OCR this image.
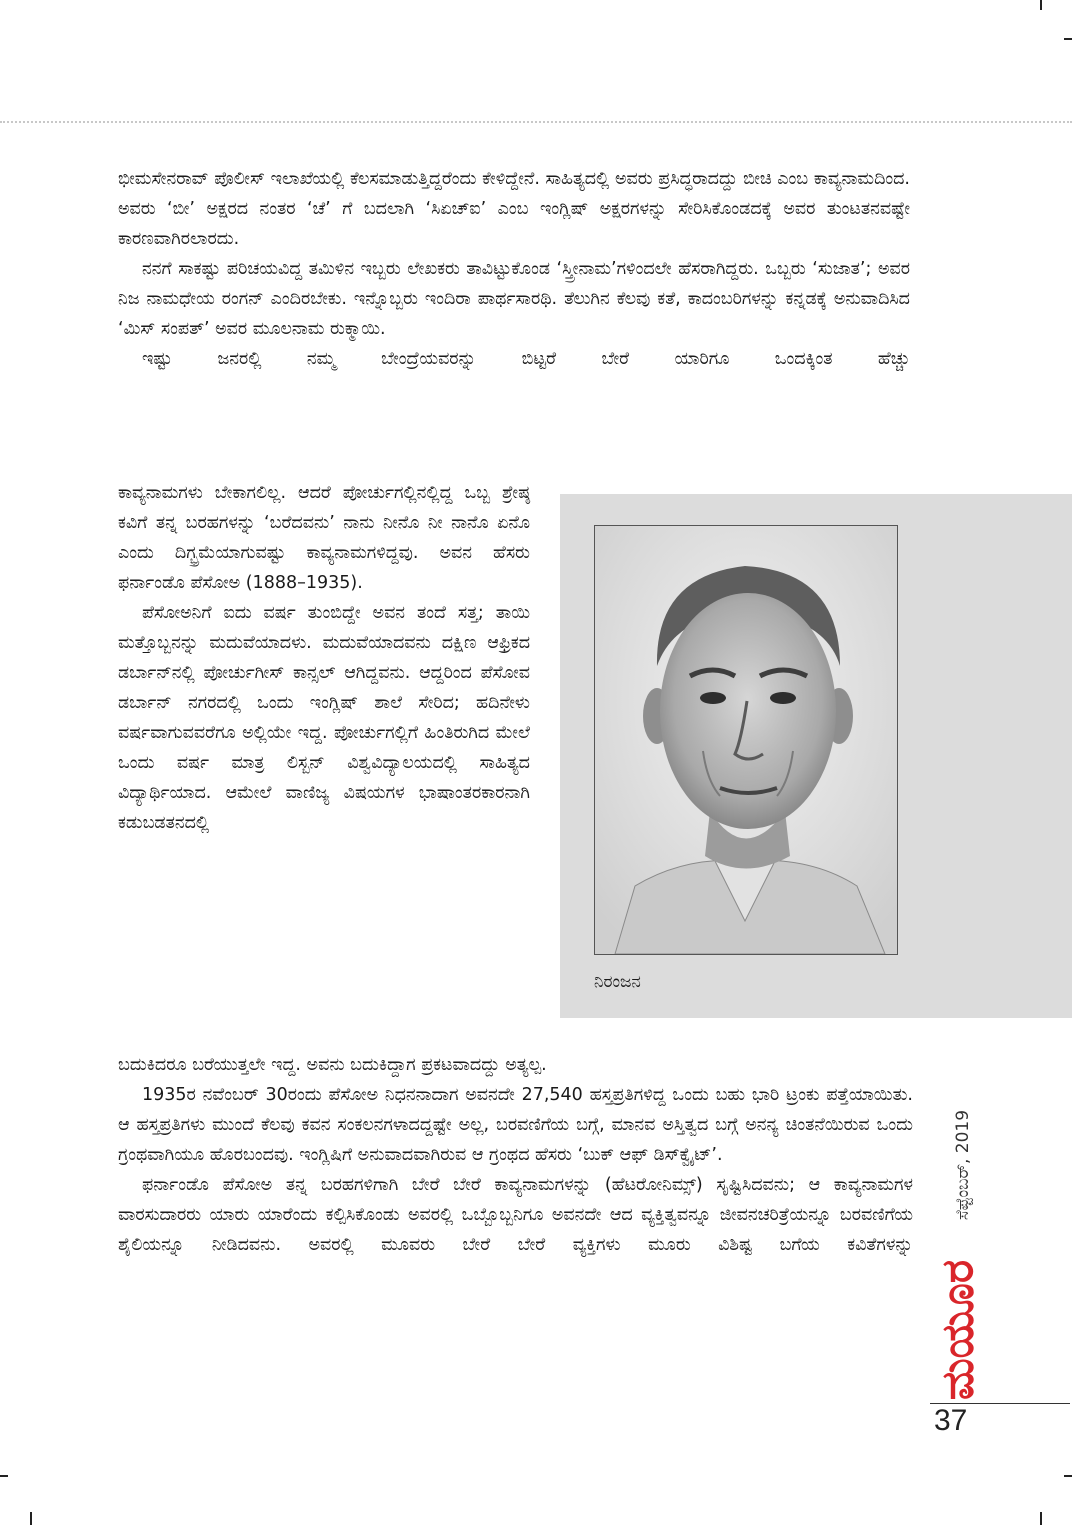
ಭೀಮಸೇನರಾವ್ ಪೊಲೀಸ್ ಇಲಾಖೆಯಲ್ಲಿ ಕೆಲಸಮಾಡುತ್ತಿದ್ದರೆಂದು ಕೇಳಿದ್ದೇನೆ. ಸಾಹಿತ್ಯದಲ್ಲಿ ಅವರು ಪ್ರಸಿದ್ಧರಾದದ್ದು ಬೀಚಿ ಎಂಬ ಕಾವ್ಯನಾಮದಿಂದ. ಅವರು ‘ಬೀ’ ಅಕ್ಷರದ ನಂತರ ‘ಚೆ’ ಗೆ ಬದಲಾಗಿ ‘ಸಿಏಚ್ಐ’ ಎಂಬ ಇಂಗ್ಲಿಷ್ ಅಕ್ಷರಗಳನ್ನು ಸೇರಿಸಿಕೊಂಡದಕ್ಕೆ ಅವರ ತುಂಟತನವಷ್ಟೇ ಕಾರಣವಾಗಿರಲಾರದು.

ನನಗೆ ಸಾಕಷ್ಟು ಪರಿಚಯವಿದ್ದ ತಮಿಳಿನ ಇಬ್ಬರು ಲೇಖಕರು ತಾವಿಟ್ಟುಕೊಂಡ ‘ಸ್ತ್ರೀನಾಮ’ಗಳಿಂದಲೇ ಹೆಸರಾಗಿದ್ದರು. ಒಬ್ಬರು ‘ಸುಜಾತ’; ಅವರ ನಿಜ ನಾಮಧೇಯ ರಂಗನ್ ಎಂದಿರಬೇಕು. ಇನ್ನೊಬ್ಬರು ಇಂದಿರಾ ಪಾರ್ಥಸಾರಥಿ. ತೆಲುಗಿನ ಕೆಲವು ಕತೆ, ಕಾದಂಬರಿಗಳನ್ನು ಕನ್ನಡಕ್ಕೆ ಅನುವಾದಿಸಿದ ‘ಮಿಸ್ ಸಂಪತ್’ ಅವರ ಮೂಲನಾಮ ರುಕ್ಮಾಯಿ.

ಇಷ್ಟು ಜನರಲ್ಲಿ ನಮ್ಮ ಬೇಂದ್ರೆಯವರನ್ನು ಬಿಟ್ಟರೆ ಬೇರೆ ಯಾರಿಗೂ ಒಂದಕ್ಕಿಂತ ಹೆಚ್ಚು

ನಿರಂಜನ

ಕಾವ್ಯನಾಮಗಳು ಬೇಕಾಗಲಿಲ್ಲ. ಆದರೆ ಪೋರ್ಚುಗಲ್ಲಿನಲ್ಲಿದ್ದ ಒಬ್ಬ ಶ್ರೇಷ್ಠ ಕವಿಗೆ ತನ್ನ ಬರಹಗಳನ್ನು ‘ಬರೆದವನು’ ನಾನು ನೀನೊ ನೀ ನಾನೊ ಏನೊ ಎಂದು ದಿಗ್ಭ್ರಮೆಯಾಗುವಷ್ಟು ಕಾವ್ಯನಾಮಗಳಿದ್ದವು. ಅವನ ಹೆಸರು ಫರ್ನಾಂಡೊ ಪೆಸೋಅ (1888–1935).

ಪೆಸೋಅನಿಗೆ ಐದು ವರ್ಷ ತುಂಬಿದ್ದೇ ಅವನ ತಂದೆ ಸತ್ತ; ತಾಯಿ ಮತ್ತೊಬ್ಬನನ್ನು ಮದುವೆಯಾದಳು. ಮದುವೆಯಾದವನು ದಕ್ಷಿಣ ಆಫ್ರಿಕದ ಡರ್ಬಾನ್‌ನಲ್ಲಿ ಪೋರ್ಚುಗೀಸ್ ಕಾನ್ಸಲ್ ಆಗಿದ್ದವನು. ಆದ್ದರಿಂದ ಪೆಸೋವ ಡರ್ಬಾನ್ ನಗರದಲ್ಲಿ ಒಂದು ಇಂಗ್ಲಿಷ್ ಶಾಲೆ ಸೇರಿದ; ಹದಿನೇಳು ವರ್ಷವಾಗುವವರೆಗೂ ಅಲ್ಲಿಯೇ ಇದ್ದ. ಪೋರ್ಚುಗಲ್ಲಿಗೆ ಹಿಂತಿರುಗಿದ ಮೇಲೆ ಒಂದು ವರ್ಷ ಮಾತ್ರ ಲಿಸ್ಬನ್ ವಿಶ್ವವಿದ್ಯಾಲಯದಲ್ಲಿ ಸಾಹಿತ್ಯದ ವಿದ್ಯಾರ್ಥಿಯಾದ. ಆಮೇಲೆ ವಾಣಿಜ್ಯ ವಿಷಯಗಳ ಭಾಷಾಂತರಕಾರನಾಗಿ ಕಡುಬಡತನದಲ್ಲಿ

ಬದುಕಿದರೂ ಬರೆಯುತ್ತಲೇ ಇದ್ದ. ಅವನು ಬದುಕಿದ್ದಾಗ ಪ್ರಕಟವಾದದ್ದು ಅತ್ಯಲ್ಪ.

1935ರ ನವೆಂಬರ್ 30ರಂದು ಪೆಸೋಅ ನಿಧನನಾದಾಗ ಅವನದೇ 27,540 ಹಸ್ತಪ್ರತಿಗಳಿದ್ದ ಒಂದು ಬಹು ಭಾರಿ ಟ್ರಂಕು ಪತ್ತೆಯಾಯಿತು. ಆ ಹಸ್ತಪ್ರತಿಗಳು ಮುಂದೆ ಕೆಲವು ಕವನ ಸಂಕಲನಗಳಾದದ್ದಷ್ಟೇ ಅಲ್ಲ, ಬರವಣಿಗೆಯ ಬಗ್ಗೆ, ಮಾನವ ಅಸ್ತಿತ್ವದ ಬಗ್ಗೆ ಅನನ್ಯ ಚಿಂತನೆಯಿರುವ ಒಂದು ಗ್ರಂಥವಾಗಿಯೂ ಹೊರಬಂದವು. ಇಂಗ್ಲಿಷಿಗೆ ಅನುವಾದವಾಗಿರುವ ಆ ಗ್ರಂಥದ ಹೆಸರು ‘ಬುಕ್ ಆಫ್ ಡಿಸ್‌ಕ್ವೈಟ್’.

ಫರ್ನಾಂಡೊ ಪೆಸೋಅ ತನ್ನ ಬರಹಗಳಿಗಾಗಿ ಬೇರೆ ಬೇರೆ ಕಾವ್ಯನಾಮಗಳನ್ನು (ಹೆಟರೋನಿಮ್ಸ್) ಸೃಷ್ಟಿಸಿದವನು; ಆ ಕಾವ್ಯನಾಮಗಳ ವಾರಸುದಾರರು ಯಾರು ಯಾರೆಂದು ಕಲ್ಪಿಸಿಕೊಂಡು ಅವರಲ್ಲಿ ಒಬ್ಬೊಬ್ಬನಿಗೂ ಅವನದೇ ಆದ ವ್ಯಕ್ತಿತ್ವವನ್ನೂ ಜೀವನಚರಿತ್ರೆಯನ್ನೂ ಬರವಣಿಗೆಯ ಶೈಲಿಯನ್ನೂ ನೀಡಿದವನು. ಅವರಲ್ಲಿ ಮೂವರು ಬೇರೆ ಬೇರೆ ವ್ಯಕ್ತಿಗಳು ಮೂರು ವಿಶಿಷ್ಟ ಬಗೆಯ ಕವಿತೆಗಳನ್ನು

ಸೆಪ್ಟೆಂಬರ್, 2019
ಮಯೂರ
37
